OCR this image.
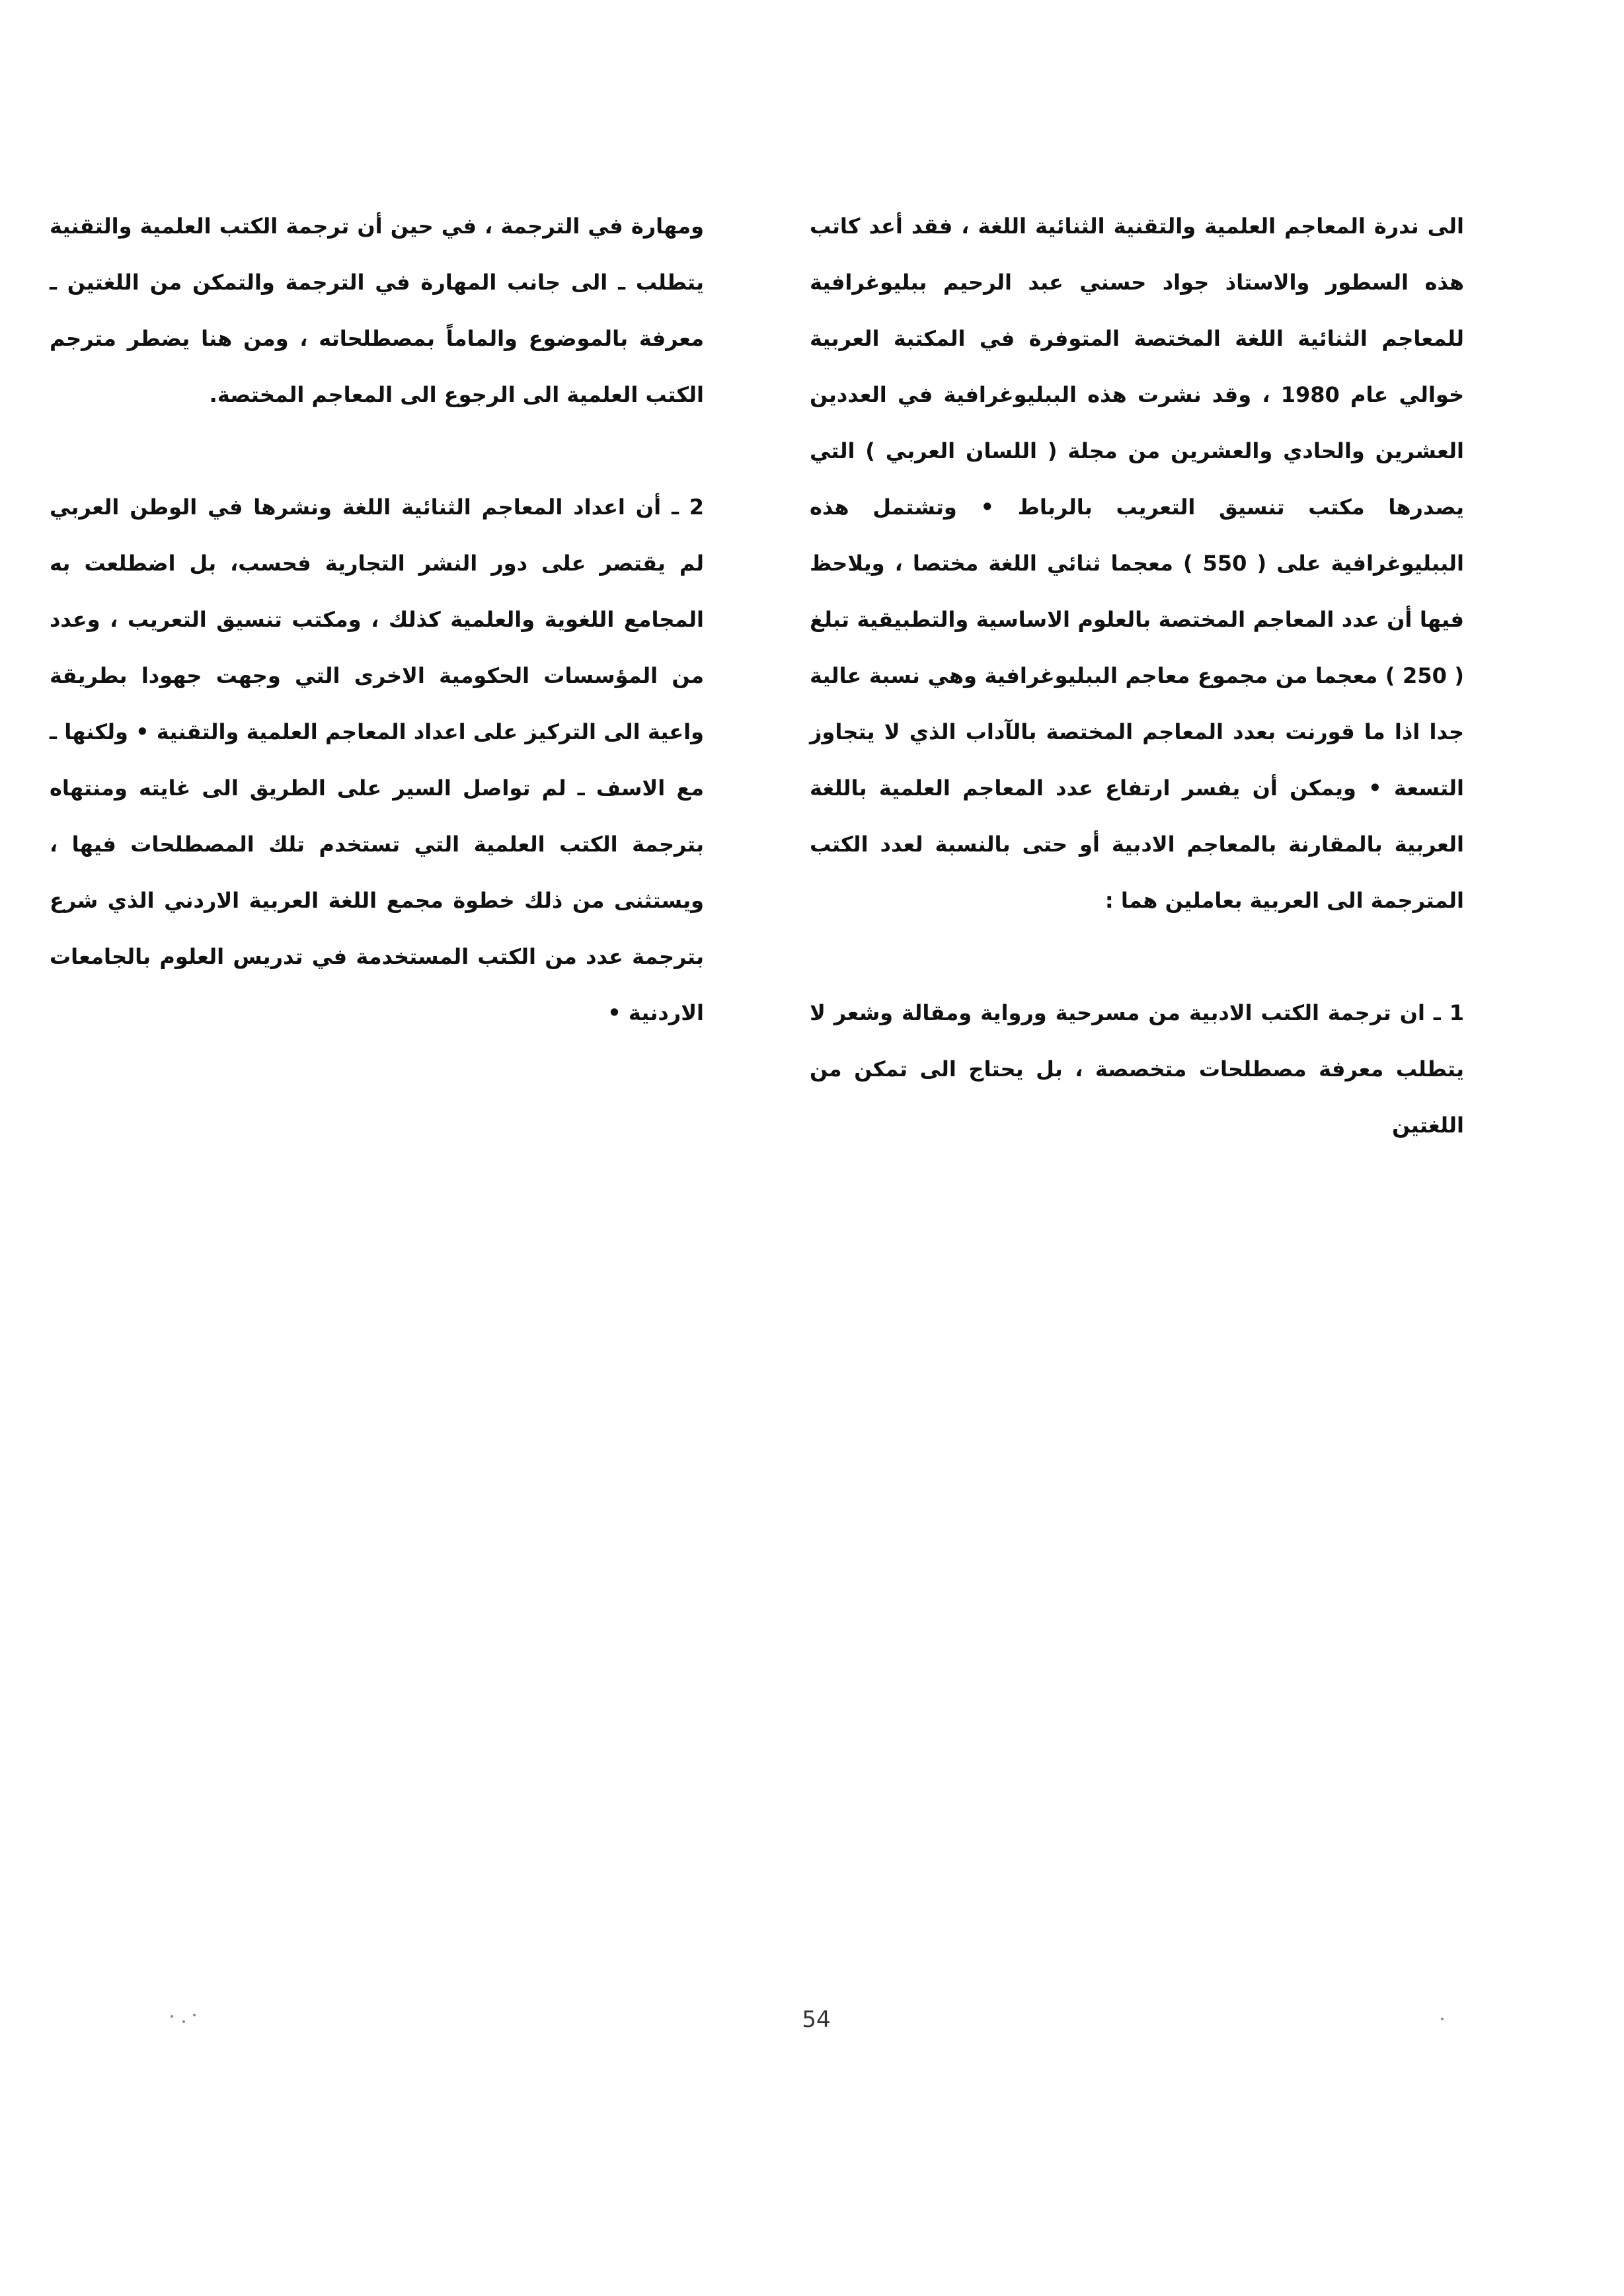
الى ندرة المعاجم العلمية والتقنية الثنائية اللغة ، فقد أعد كاتب هذه السطور والاستاذ جواد حسني عبد الرحيم ببليوغرافية للمعاجم الثنائية اللغة المختصة المتوفرة في المكتبة العربية خوالي عام 1980 ، وقد نشرت هذه الببليوغرافية في العددين العشرين والحادي والعشرين من مجلة ( اللسان العربي ) التي يصدرها مكتب تنسيق التعريب بالرباط • وتشتمل هذه الببليوغرافية على ( 550 ) معجما ثنائي اللغة مختصا ، ويلاحظ فيها أن عدد المعاجم المختصة بالعلوم الاساسية والتطبيقية تبلغ ( 250 ) معجما من مجموع معاجم الببليوغرافية وهي نسبة عالية جدا اذا ما قورنت بعدد المعاجم المختصة بالآداب الذي لا يتجاوز التسعة • ويمكن أن يفسر ارتفاع عدد المعاجم العلمية باللغة العربية بالمقارنة بالمعاجم الادبية أو حتى بالنسبة لعدد الكتب المترجمة الى العربية بعاملين هما :

1 ـ ان ترجمة الكتب الادبية من مسرحية ورواية ومقالة وشعر لا يتطلب معرفة مصطلحات متخصصة ، بل يحتاج الى تمكن من اللغتين

ومهارة في الترجمة ، في حين أن ترجمة الكتب العلمية والتقنية يتطلب ـ الى جانب المهارة في الترجمة والتمكن من اللغتين ـ معرفة بالموضوع والماماً بمصطلحاته ، ومن هنا يضطر مترجم الكتب العلمية الى الرجوع الى المعاجم المختصة.

2 ـ أن اعداد المعاجم الثنائية اللغة ونشرها في الوطن العربي لم يقتصر على دور النشر التجارية فحسب، بل اضطلعت به المجامع اللغوية والعلمية كذلك ، ومكتب تنسيق التعريب ، وعدد من المؤسسات الحكومية الاخرى التي وجهت جهودا بطريقة واعية الى التركيز على اعداد المعاجم العلمية والتقنية • ولكنها ـ مع الاسف ـ لم تواصل السير على الطريق الى غايته ومنتهاه بترجمة الكتب العلمية التي تستخدم تلك المصطلحات فيها ، ويستثنى من ذلك خطوة مجمع اللغة العربية الاردني الذي شرع بترجمة عدد من الكتب المستخدمة في تدريس العلوم بالجامعات الاردنية •

54
